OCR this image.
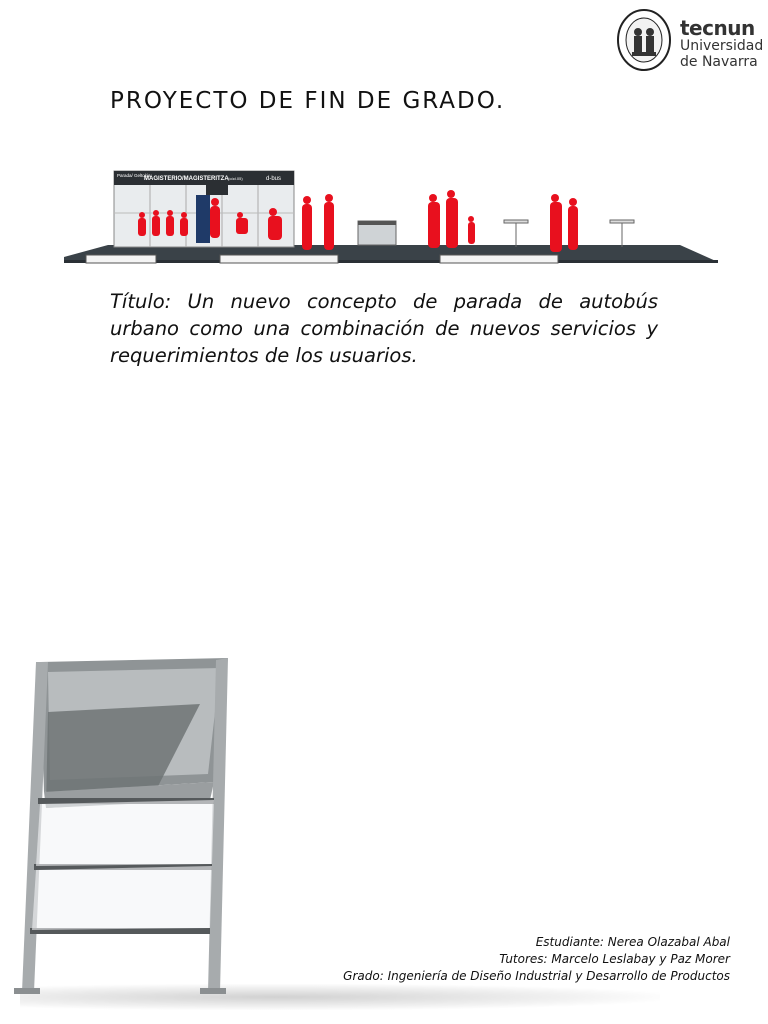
tecnun
Universidad
de Navarra
PROYECTO DE FIN DE GRADO.
Parada/ Geltokia:
MAGISTERIO/MAGISTERITZA (cód.05)	d-bus

Título: Un nuevo concepto de parada de autobús urbano como una combinación de nuevos servicios y requerimientos de los usuarios.

Estudiante: Nerea Olazabal Abal
Tutores: Marcelo Leslabay y Paz Morer
Grado: Ingeniería de Diseño Industrial y Desarrollo de Productos
